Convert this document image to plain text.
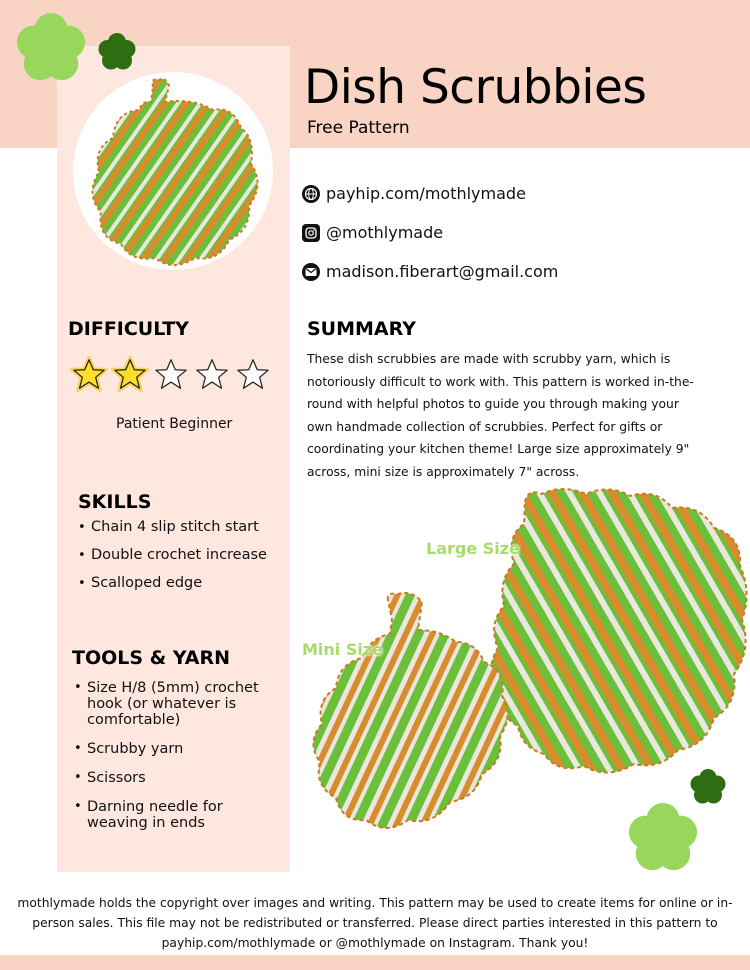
Dish Scrubbies
Free Pattern
payhip.com/mothlymade
@mothlymade
madison.fiberart@gmail.com
DIFFICULTY
Patient Beginner
SUMMARY

These dish scrubbies are made with scrubby yarn, which is notoriously difficult to work with. This pattern is worked in-the-round with helpful photos to guide you through making your own handmade collection of scrubbies. Perfect for gifts or coordinating your kitchen theme! Large size approximately 9" across, mini size is approximately 7" across.

SKILLS
• Chain 4 slip stitch start
• Double crochet increase
• Scalloped edge
TOOLS & YARN
• Size H/8 (5mm) crochet hook (or whatever is comfortable)
• Scrubby yarn
• Scissors
• Darning needle for weaving in ends
Large Size
Mini Size

mothlymade holds the copyright over images and writing. This pattern may be used to create items for online or in-person sales. This file may not be redistributed or transferred. Please direct parties interested in this pattern to payhip.com/mothlymade or @mothlymade on Instagram. Thank you!
